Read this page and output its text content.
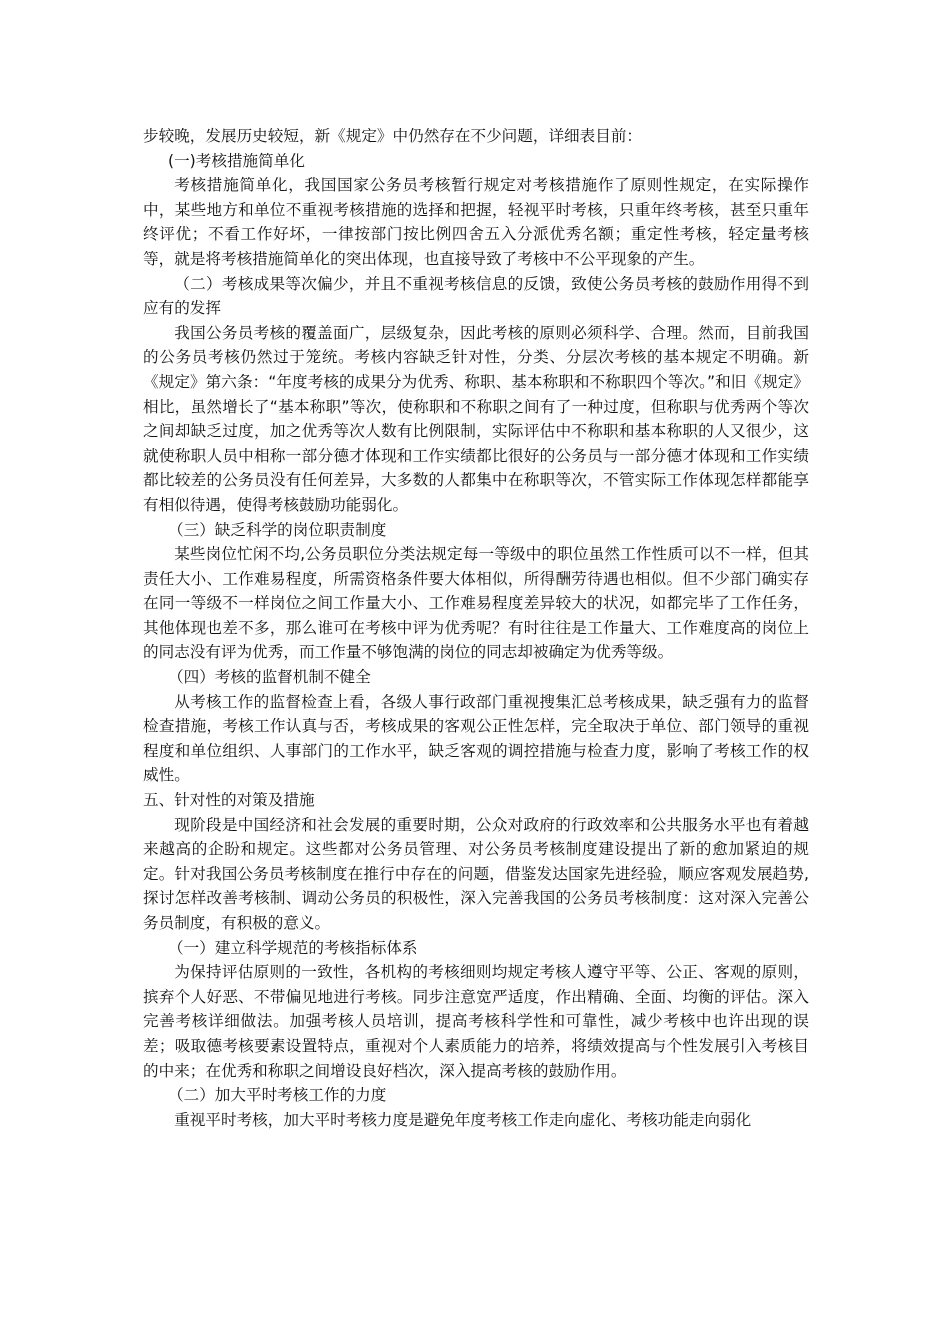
步较晚，发展历史较短，新《规定》中仍然存在不少问题，详细表目前：

(一)考核措施简单化

考核措施简单化，我国国家公务员考核暂行规定对考核措施作了原则性规定，在实际操作中，某些地方和单位不重视考核措施的选择和把握，轻视平时考核，只重年终考核，甚至只重年终评优；不看工作好坏，一律按部门按比例四舍五入分派优秀名额；重定性考核，轻定量考核等，就是将考核措施简单化的突出体现，也直接导致了考核中不公平现象的产生。

（二）考核成果等次偏少，并且不重视考核信息的反馈，致使公务员考核的鼓励作用得不到应有的发挥

我国公务员考核的覆盖面广，层级复杂，因此考核的原则必须科学、合理。然而，目前我国的公务员考核仍然过于笼统。考核内容缺乏针对性，分类、分层次考核的基本规定不明确。新《规定》第六条：“年度考核的成果分为优秀、称职、基本称职和不称职四个等次。”和旧《规定》相比，虽然增长了“基本称职”等次，使称职和不称职之间有了一种过度，但称职与优秀两个等次之间却缺乏过度，加之优秀等次人数有比例限制，实际评估中不称职和基本称职的人又很少，这就使称职人员中相称一部分德才体现和工作实绩都比很好的公务员与一部分德才体现和工作实绩都比较差的公务员没有任何差异，大多数的人都集中在称职等次，不管实际工作体现怎样都能享有相似待遇，使得考核鼓励功能弱化。

（三）缺乏科学的岗位职责制度

某些岗位忙闲不均,公务员职位分类法规定每一等级中的职位虽然工作性质可以不一样，但其责任大小、工作难易程度，所需资格条件要大体相似，所得酬劳待遇也相似。但不少部门确实存在同一等级不一样岗位之间工作量大小、工作难易程度差异较大的状况，如都完毕了工作任务，其他体现也差不多，那么谁可在考核中评为优秀呢？有时往往是工作量大、工作难度高的岗位上的同志没有评为优秀，而工作量不够饱满的岗位的同志却被确定为优秀等级。

（四）考核的监督机制不健全

从考核工作的监督检查上看，各级人事行政部门重视搜集汇总考核成果，缺乏强有力的监督检查措施，考核工作认真与否，考核成果的客观公正性怎样，完全取决于单位、部门领导的重视程度和单位组织、人事部门的工作水平，缺乏客观的调控措施与检查力度，影响了考核工作的权威性。

五、针对性的对策及措施

现阶段是中国经济和社会发展的重要时期，公众对政府的行政效率和公共服务水平也有着越来越高的企盼和规定。这些都对公务员管理、对公务员考核制度建设提出了新的愈加紧迫的规定。针对我国公务员考核制度在推行中存在的问题，借鉴发达国家先进经验，顺应客观发展趋势,探讨怎样改善考核制、调动公务员的积极性，深入完善我国的公务员考核制度：这对深入完善公务员制度，有积极的意义。

（一）建立科学规范的考核指标体系

为保持评估原则的一致性，各机构的考核细则均规定考核人遵守平等、公正、客观的原则，摈弃个人好恶、不带偏见地进行考核。同步注意宽严适度，作出精确、全面、均衡的评估。深入完善考核详细做法。加强考核人员培训，提高考核科学性和可靠性，减少考核中也许出现的误差；吸取德考核要素设置特点，重视对个人素质能力的培养，将绩效提高与个性发展引入考核目的中来；在优秀和称职之间增设良好档次，深入提高考核的鼓励作用。

（二）加大平时考核工作的力度

重视平时考核，加大平时考核力度是避免年度考核工作走向虚化、考核功能走向弱化
